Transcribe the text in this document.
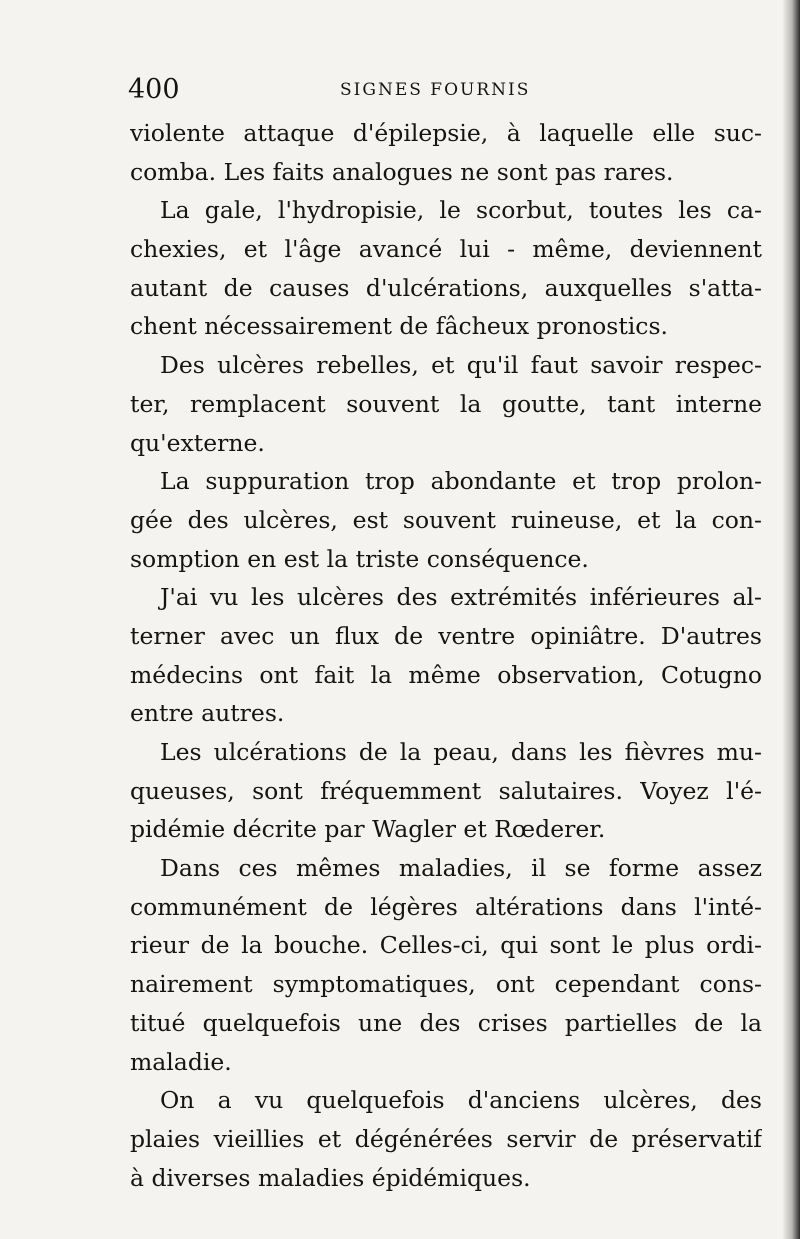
400	SIGNES FOURNIS
violente attaque d'épilepsie, à laquelle elle suc-
comba. Les faits analogues ne sont pas rares.
La gale, l'hydropisie, le scorbut, toutes les ca-
chexies, et l'âge avancé lui - même, deviennent
autant de causes d'ulcérations, auxquelles s'atta-
chent nécessairement de fâcheux pronostics.
Des ulcères rebelles, et qu'il faut savoir respec-
ter, remplacent souvent la goutte, tant interne
qu'externe.
La suppuration trop abondante et trop prolon-
gée des ulcères, est souvent ruineuse, et la con-
somption en est la triste conséquence.
J'ai vu les ulcères des extrémités inférieures al-
terner avec un flux de ventre opiniâtre. D'autres
médecins ont fait la même observation, Cotugno
entre autres.
Les ulcérations de la peau, dans les fièvres mu-
queuses, sont fréquemment salutaires. Voyez l'é-
pidémie décrite par Wagler et Rœderer.
Dans ces mêmes maladies, il se forme assez
communément de légères altérations dans l'inté-
rieur de la bouche. Celles-ci, qui sont le plus ordi-
nairement symptomatiques, ont cependant cons-
titué quelquefois une des crises partielles de la
maladie.
On a vu quelquefois d'anciens ulcères, des
plaies vieillies et dégénérées servir de préservatif
à diverses maladies épidémiques.
